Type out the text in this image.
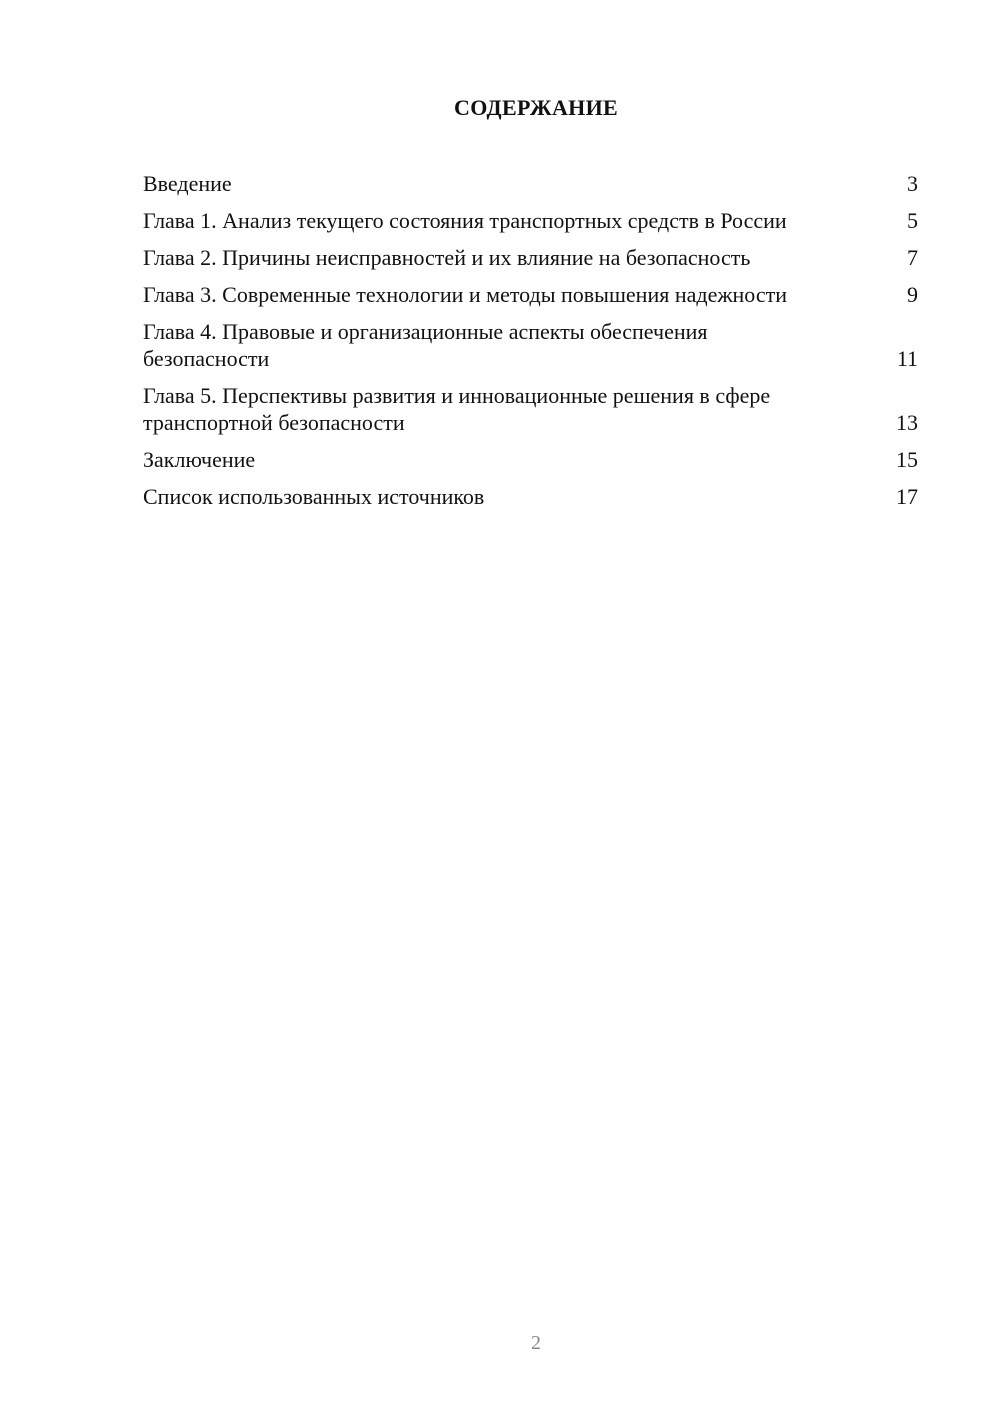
СОДЕРЖАНИЕ
Введение	3
Глава 1. Анализ текущего состояния транспортных средств в России	5
Глава 2. Причины неисправностей и их влияние на безопасность	7
Глава 3. Современные технологии и методы повышения надежности	9
Глава 4. Правовые и организационные аспекты обеспечения безопасности	11
Глава 5. Перспективы развития и инновационные решения в сфере транспортной безопасности	13
Заключение	15
Список использованных источников	17
2
